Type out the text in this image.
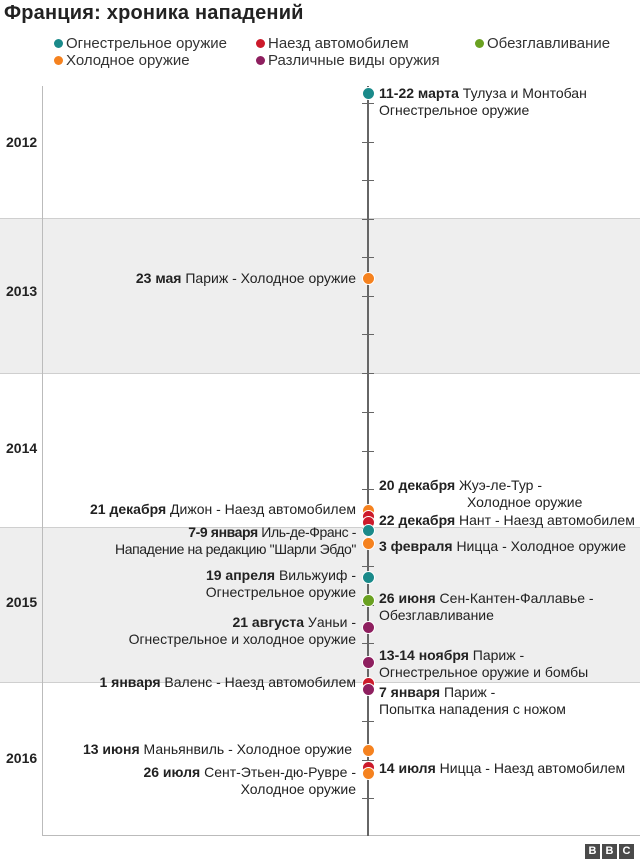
Франция: хроника нападений
Огнестрельное оружие	Наезд автомобилем	Обезглавливание
Холодное оружие	Различные виды оружия
2012
2013
2014
2015
2016
11-22 марта Тулуза и Монтобан
Огнестрельное оружие
20 декабря Жуэ-ле-Тур -
Холодное оружие
22 декабря Нант - Наезд автомобилем
3 февраля Ницца - Холодное оружие
26 июня Сен-Кантен-Фаллавье -
Обезглавливание
13-14 ноября Париж -
Огнестрельное оружие и бомбы
7 января Париж -
Попытка нападения с ножом
14 июля Ницца - Наезд автомобилем
23 мая Париж - Холодное оружие
21 декабря Дижон - Наезд автомобилем
7-9 января Иль-де-Франс -
Нападение на редакцию "Шарли Эбдо"
19 апреля Вильжуиф -
Огнестрельное оружие
21 августа Уаньи -
Огнестрельное и холодное оружие
1 января Валенс - Наезд автомобилем
13 июня Маньянвиль - Холодное оружие
26 июля Сент-Этьен-дю-Рувре -
Холодное оружие
B B C
